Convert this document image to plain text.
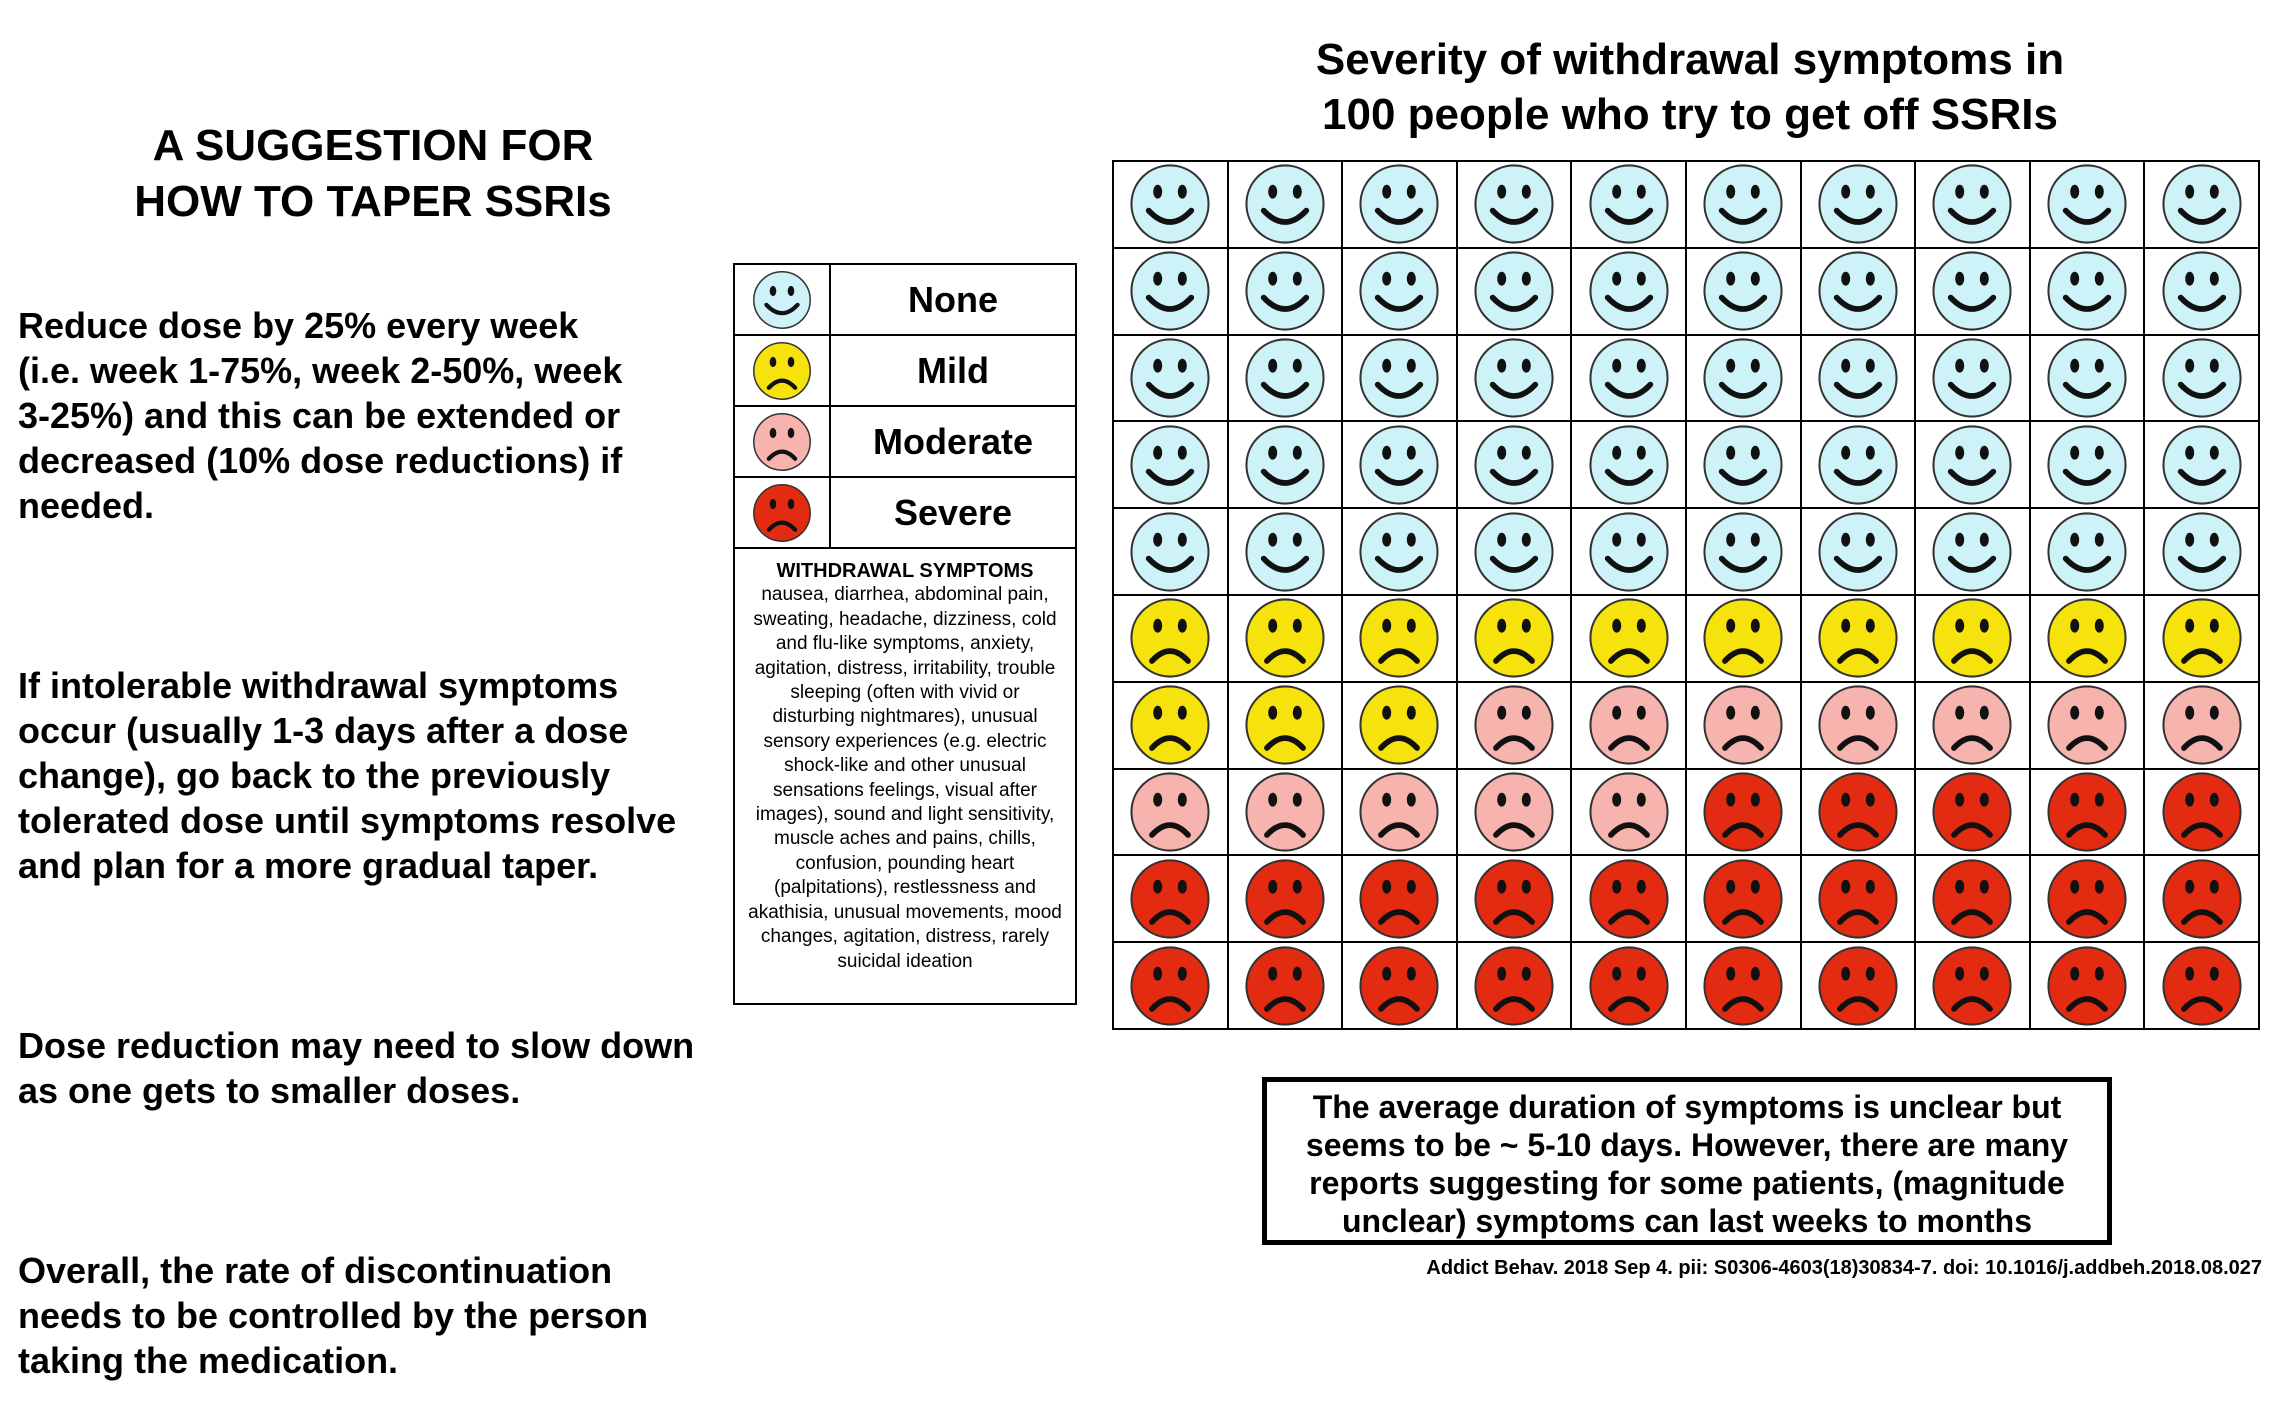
A SUGGESTION FOR
HOW TO TAPER SSRIs

Reduce dose by 25% every week
(i.e. week 1-75%, week 2-50%, week
3-25%) and this can be extended or
decreased (10% dose reductions) if
needed.

If intolerable withdrawal symptoms
occur (usually 1-3 days after a dose
change), go back to the previously
tolerated dose until symptoms resolve
and plan for a more gradual taper.

Dose reduction may need to slow down
as one gets to smaller doses.

Overall, the rate of discontinuation
needs to be controlled by the person
taking the medication.

Severity of withdrawal symptoms in
100 people who try to get off SSRIs
None
Mild
Moderate
Severe
WITHDRAWAL SYMPTOMS
nausea, diarrhea, abdominal pain, sweating, headache, dizziness, cold and flu-like symptoms, anxiety, agitation, distress, irritability, trouble sleeping (often with vivid or disturbing nightmares), unusual sensory experiences (e.g. electric shock-like and other unusual sensations feelings, visual after images), sound and light sensitivity, muscle aches and pains, chills, confusion, pounding heart (palpitations), restlessness and akathisia, unusual movements, mood changes, agitation, distress, rarely suicidal ideation
The average duration of symptoms is unclear but
seems to be ~ 5-10 days. However, there are many
reports suggesting for some patients, (magnitude
unclear) symptoms can last weeks to months
Addict Behav. 2018 Sep 4. pii: S0306-4603(18)30834-7. doi: 10.1016/j.addbeh.2018.08.027
